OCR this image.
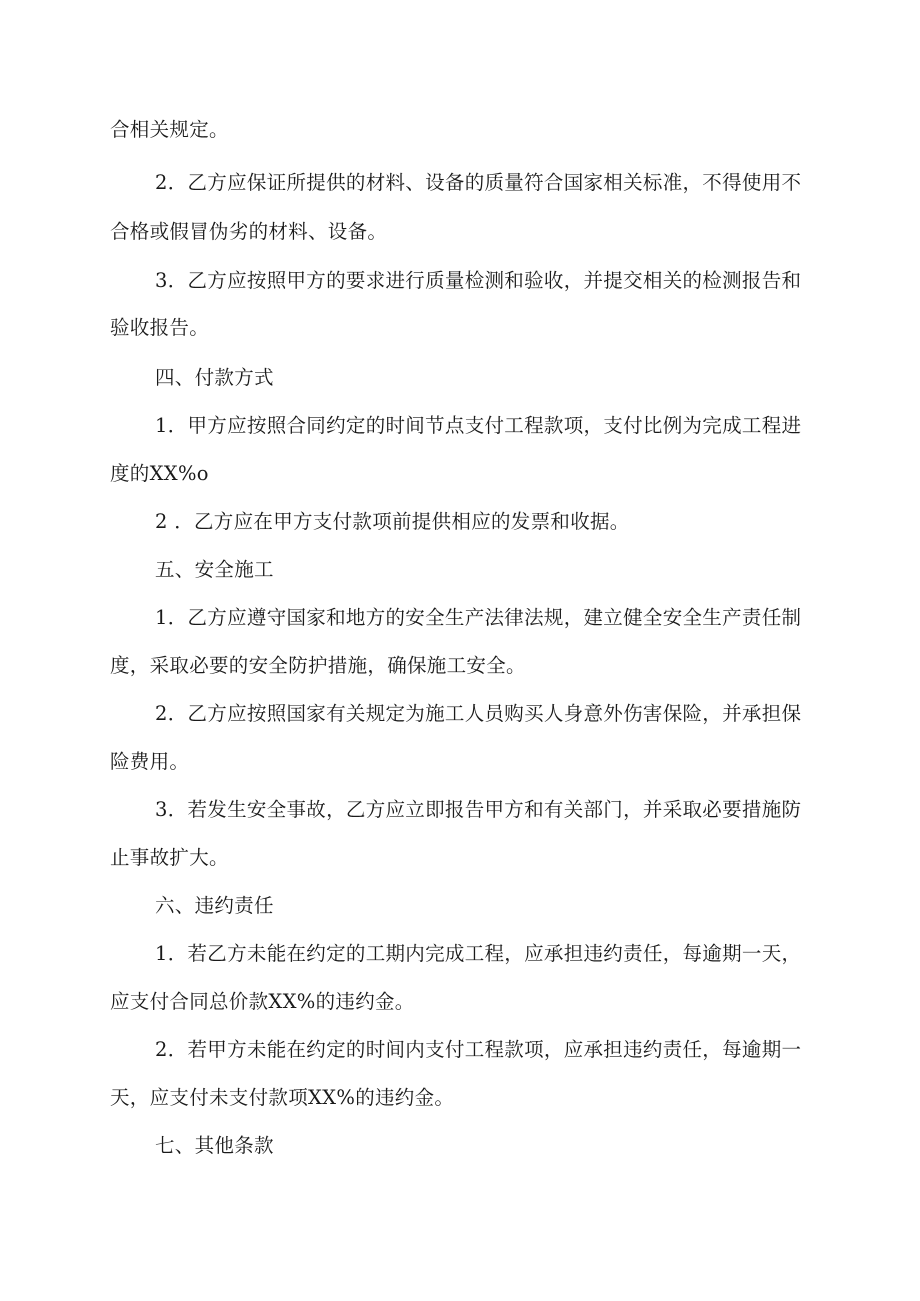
合相关规定。
2．乙方应保证所提供的材料、设备的质量符合国家相关标准，不得使用不
合格或假冒伪劣的材料、设备。
3．乙方应按照甲方的要求进行质量检测和验收，并提交相关的检测报告和
验收报告。
四、付款方式
1．甲方应按照合同约定的时间节点支付工程款项，支付比例为完成工程进
度的XX%o
2 ．乙方应在甲方支付款项前提供相应的发票和收据。
五、安全施工
1．乙方应遵守国家和地方的安全生产法律法规，建立健全安全生产责任制
度，采取必要的安全防护措施，确保施工安全。
2．乙方应按照国家有关规定为施工人员购买人身意外伤害保险，并承担保
险费用。
3．若发生安全事故，乙方应立即报告甲方和有关部门，并采取必要措施防
止事故扩大。
六、违约责任
1．若乙方未能在约定的工期内完成工程，应承担违约责任，每逾期一天，
应支付合同总价款XX%的违约金。
2．若甲方未能在约定的时间内支付工程款项，应承担违约责任，每逾期一
天，应支付未支付款项XX%的违约金。
七、其他条款
